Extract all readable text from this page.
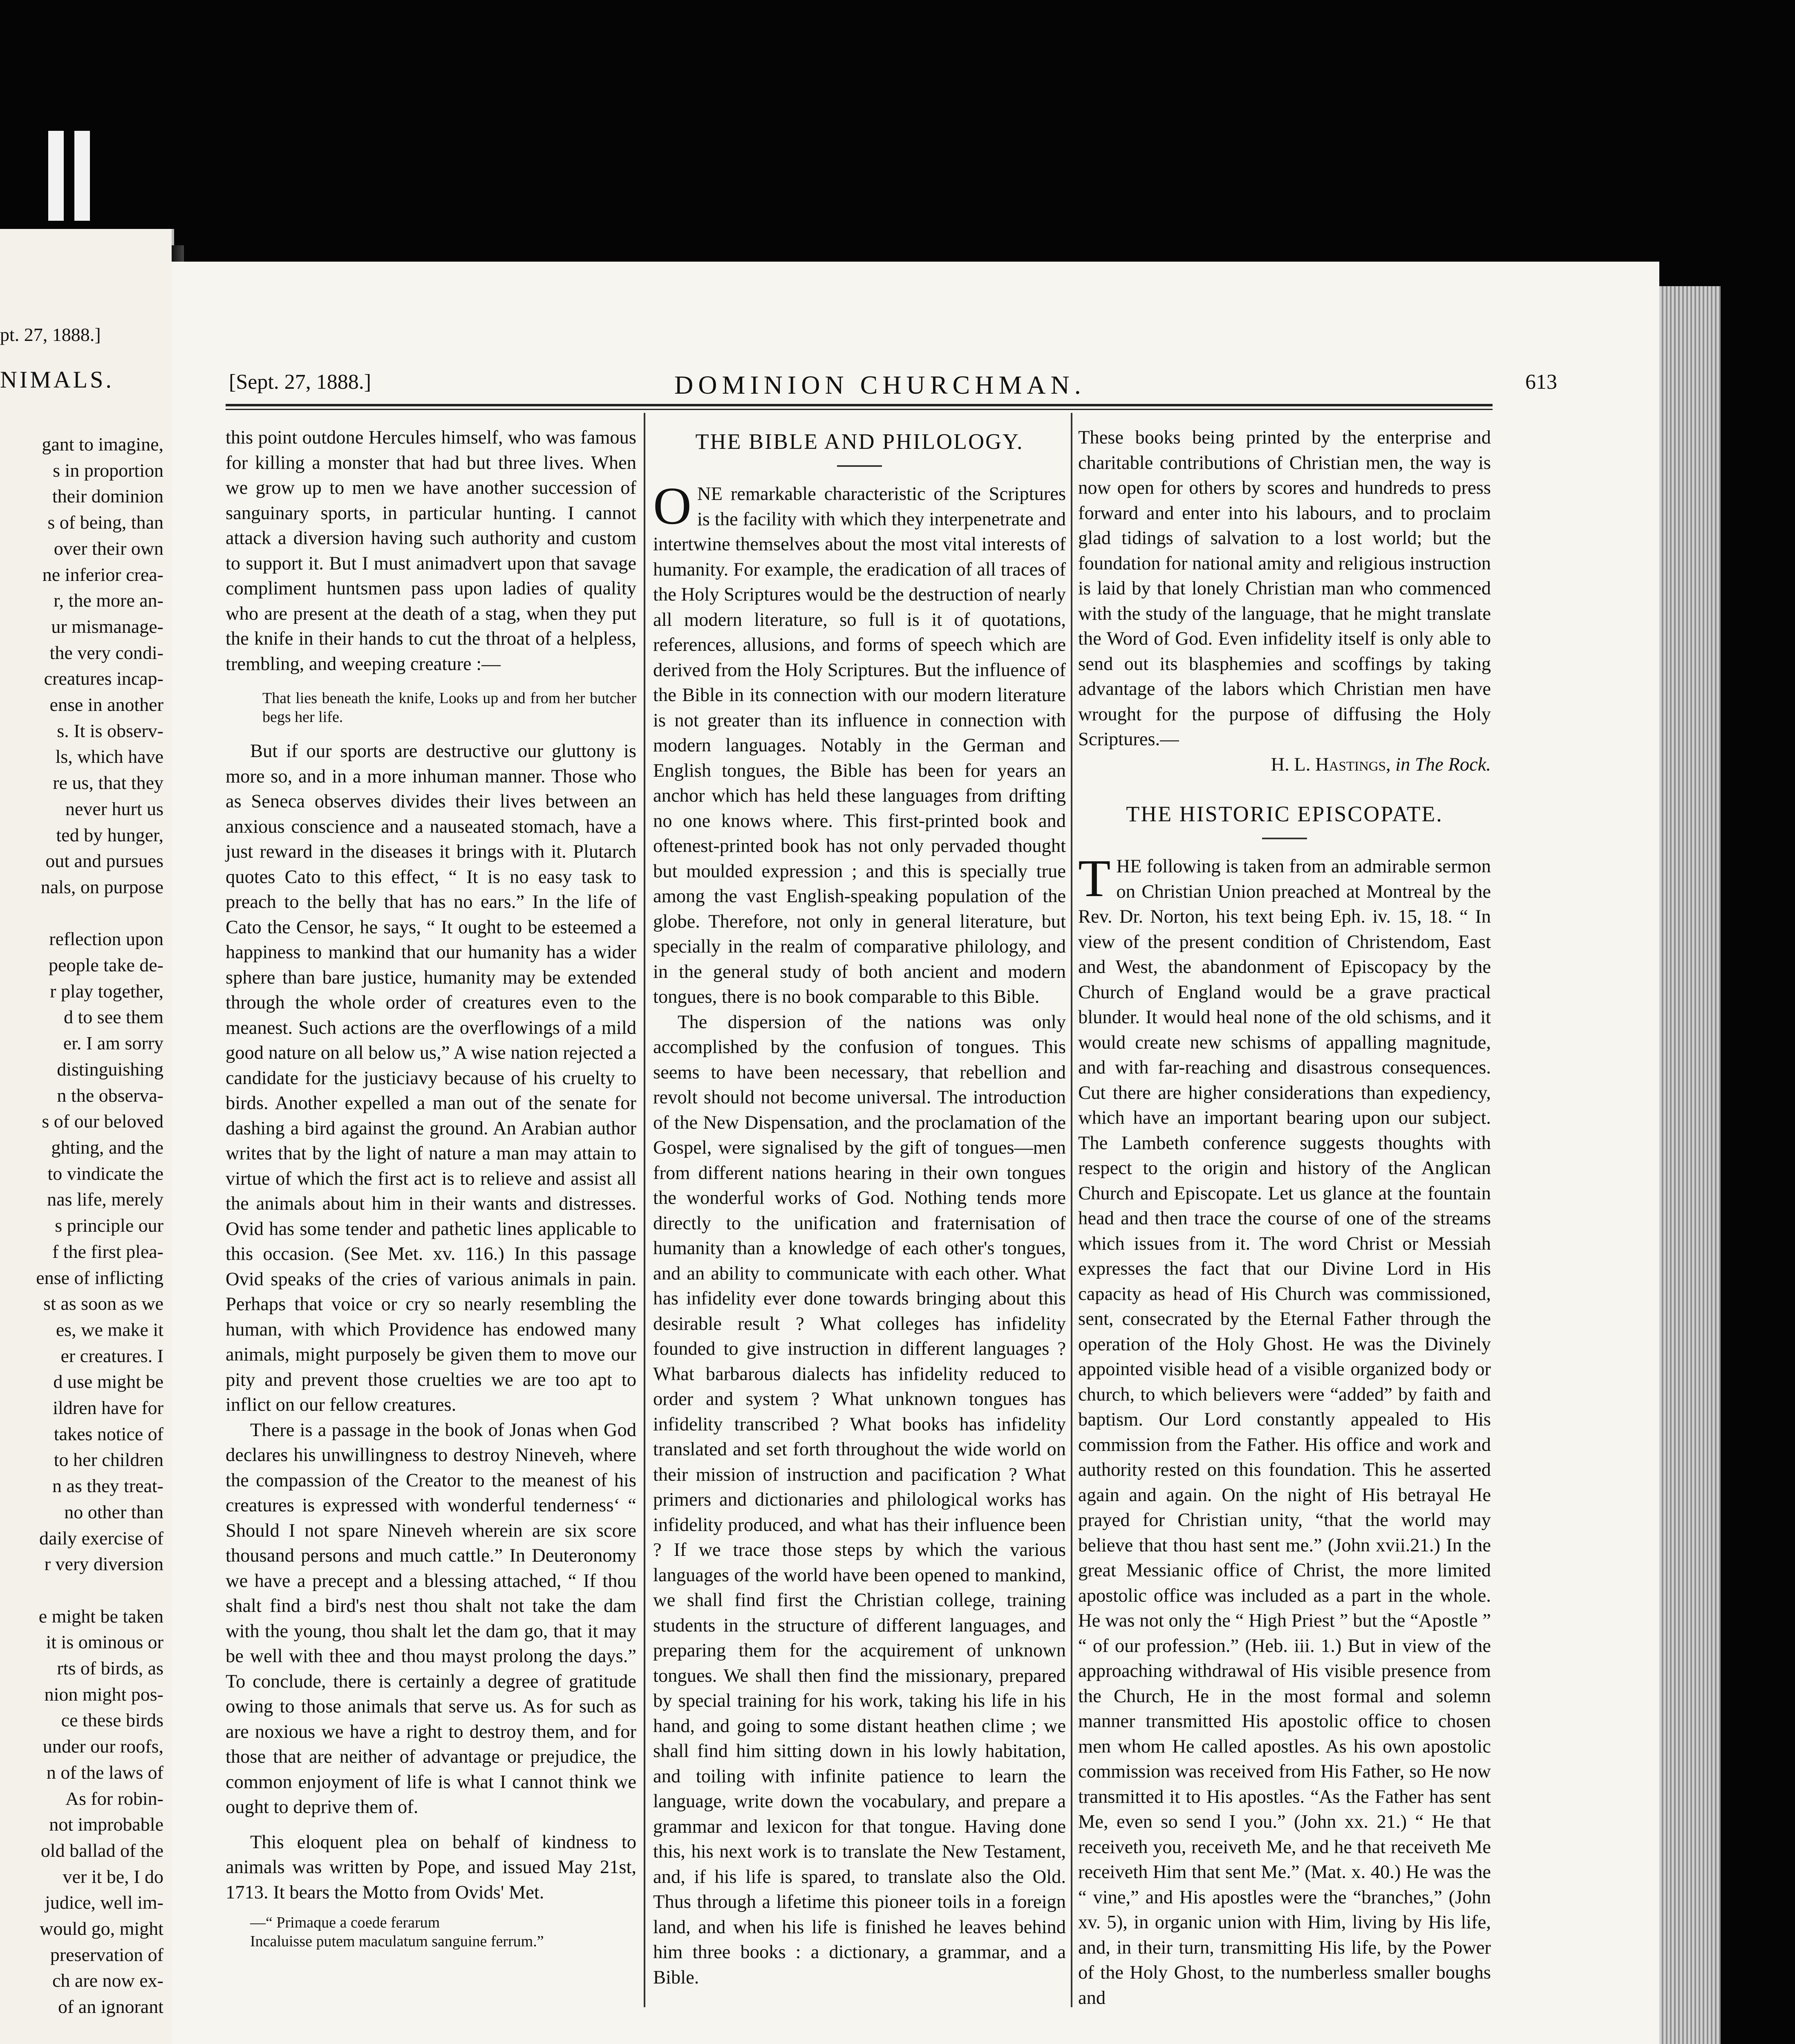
pt. 27, 1888.]
NIMALS.
gant to imagine,
s in proportion
their dominion
s of being, than
over their own
ne inferior crea-
r, the more an-
ur mismanage-
the very condi-
creatures incap-
ense in another
s. It is observ-
ls, which have
re us, that they
never hurt us
ted by hunger,
out and pursues
nals, on purpose

reflection upon
people take de-
r play together,
d to see them
er. I am sorry
distinguishing
n the observa-
s of our beloved
ghting, and the
to vindicate the
nas life, merely
s principle our
f the first plea-
ense of inflicting
st as soon as we
es, we make it
er creatures. I
d use might be
ildren have for
takes notice of
to her children
n as they treat-
no other than
daily exercise of
r very diversion

e might be taken
it is ominous or
rts of birds, as
nion might pos-
ce these birds
under our roofs,
n of the laws of
As for robin-
not improbable
old ballad of the
ver it be, I do
judice, well im-
would go, might
preservation of
ch are now ex-
of an ignorant

[Sept. 27, 1888.]	DOMINION CHURCHMAN.	613

this point outdone Hercules himself, who was famous for killing a monster that had but three lives. When we grow up to men we have another succession of sanguinary sports, in particular hunting. I cannot attack a diversion having such authority and custom to support it. But I must animadvert upon that savage compliment huntsmen pass upon ladies of quality who are present at the death of a stag, when they put the knife in their hands to cut the throat of a helpless, trembling, and weeping creature :—

That lies beneath the knife, Looks up and from her butcher begs her life.

But if our sports are destructive our gluttony is more so, and in a more inhuman manner. Those who as Seneca observes divides their lives between an anxious conscience and a nauseated stomach, have a just reward in the diseases it brings with it. Plutarch quotes Cato to this effect, “ It is no easy task to preach to the belly that has no ears.” In the life of Cato the Censor, he says, “ It ought to be esteemed a happiness to mankind that our humanity has a wider sphere than bare justice, humanity may be extended through the whole order of creatures even to the meanest. Such actions are the overflowings of a mild good nature on all below us,” A wise nation rejected a candidate for the justiciavy because of his cruelty to birds. Another expelled a man out of the senate for dashing a bird against the ground. An Arabian author writes that by the light of nature a man may attain to virtue of which the first act is to relieve and assist all the animals about him in their wants and distresses. Ovid has some tender and pathetic lines applicable to this occasion. (See Met. xv. 116.) In this passage Ovid speaks of the cries of various animals in pain. Perhaps that voice or cry so nearly resembling the human, with which Providence has endowed many animals, might purposely be given them to move our pity and prevent those cruelties we are too apt to inflict on our fellow creatures.

There is a passage in the book of Jonas when God declares his unwillingness to destroy Nineveh, where the compassion of the Creator to the meanest of his creatures is expressed with wonderful tenderness‘ “ Should I not spare Nineveh wherein are six score thousand persons and much cattle.” In Deuteronomy we have a precept and a blessing attached, “ If thou shalt find a bird's nest thou shalt not take the dam with the young, thou shalt let the dam go, that it may be well with thee and thou mayst prolong the days.” To conclude, there is certainly a degree of gratitude owing to those animals that serve us. As for such as are noxious we have a right to destroy them, and for those that are neither of advantage or prejudice, the common enjoyment of life is what I cannot think we ought to deprive them of.

This eloquent plea on behalf of kindness to animals was written by Pope, and issued May 21st, 1713. It bears the Motto from Ovids' Met.

—“ Primaque a coede ferarum

Incaluisse putem maculatum sanguine ferrum.”

THE BIBLE AND PHILOLOGY.

ONE remarkable characteristic of the Scriptures is the facility with which they interpenetrate and intertwine themselves about the most vital interests of humanity. For example, the eradication of all traces of the Holy Scriptures would be the destruction of nearly all modern literature, so full is it of quotations, references, allusions, and forms of speech which are derived from the Holy Scriptures. But the influence of the Bible in its connection with our modern literature is not greater than its influence in connection with modern languages. Notably in the German and English tongues, the Bible has been for years an anchor which has held these languages from drifting no one knows where. This first-printed book and oftenest-printed book has not only pervaded thought but moulded expression ; and this is specially true among the vast English-speaking population of the globe. Therefore, not only in general literature, but specially in the realm of comparative philology, and in the general study of both ancient and modern tongues, there is no book comparable to this Bible.

The dispersion of the nations was only accomplished by the confusion of tongues. This seems to have been necessary, that rebellion and revolt should not become universal. The introduction of the New Dispensation, and the proclamation of the Gospel, were signalised by the gift of tongues—men from different nations hearing in their own tongues the wonderful works of God. Nothing tends more directly to the unification and fraternisation of humanity than a knowledge of each other's tongues, and an ability to communicate with each other. What has infidelity ever done towards bringing about this desirable result ? What colleges has infidelity founded to give instruction in different languages ? What barbarous dialects has infidelity reduced to order and system ? What unknown tongues has infidelity transcribed ? What books has infidelity translated and set forth throughout the wide world on their mission of instruction and pacification ? What primers and dictionaries and philological works has infidelity produced, and what has their influence been ? If we trace those steps by which the various languages of the world have been opened to mankind, we shall find first the Christian college, training students in the structure of different languages, and preparing them for the acquirement of unknown tongues. We shall then find the missionary, prepared by special training for his work, taking his life in his hand, and going to some distant heathen clime ; we shall find him sitting down in his lowly habitation, and toiling with infinite patience to learn the language, write down the vocabulary, and prepare a grammar and lexicon for that tongue. Having done this, his next work is to translate the New Testament, and, if his life is spared, to translate also the Old. Thus through a lifetime this pioneer toils in a foreign land, and when his life is finished he leaves behind him three books : a dictionary, a grammar, and a Bible.

These books being printed by the enterprise and charitable contributions of Christian men, the way is now open for others by scores and hundreds to press forward and enter into his labours, and to proclaim glad tidings of salvation to a lost world; but the foundation for national amity and religious instruction is laid by that lonely Christian man who commenced with the study of the language, that he might translate the Word of God. Even infidelity itself is only able to send out its blasphemies and scoffings by taking advantage of the labors which Christian men have wrought for the purpose of diffusing the Holy Scriptures.—

H. L. Hastings, in The Rock.

THE HISTORIC EPISCOPATE.

THE following is taken from an admirable sermon on Christian Union preached at Montreal by the Rev. Dr. Norton, his text being Eph. iv. 15, 18. “ In view of the present condition of Christendom, East and West, the abandonment of Episcopacy by the Church of England would be a grave practical blunder. It would heal none of the old schisms, and it would create new schisms of appalling magnitude, and with far-reaching and disastrous consequences. Cut there are higher considerations than expediency, which have an important bearing upon our subject. The Lambeth conference suggests thoughts with respect to the origin and history of the Anglican Church and Episcopate. Let us glance at the fountain head and then trace the course of one of the streams which issues from it. The word Christ or Messiah expresses the fact that our Divine Lord in His capacity as head of His Church was commissioned, sent, consecrated by the Eternal Father through the operation of the Holy Ghost. He was the Divinely appointed visible head of a visible organized body or church, to which believers were “added” by faith and baptism. Our Lord constantly appealed to His commission from the Father. His office and work and authority rested on this foundation. This he asserted again and again. On the night of His betrayal He prayed for Christian unity, “that the world may believe that thou hast sent me.” (John xvii.21.) In the great Messianic office of Christ, the more limited apostolic office was included as a part in the whole. He was not only the “ High Priest ” but the “Apostle ” “ of our profession.” (Heb. iii. 1.) But in view of the approaching withdrawal of His visible presence from the Church, He in the most formal and solemn manner transmitted His apostolic office to chosen men whom He called apostles. As his own apostolic commission was received from His Father, so He now transmitted it to His apostles. “As the Father has sent Me, even so send I you.” (John xx. 21.) “ He that receiveth you, receiveth Me, and he that receiveth Me receiveth Him that sent Me.” (Mat. x. 40.) He was the “ vine,” and His apostles were the “branches,” (John xv. 5), in organic union with Him, living by His life, and, in their turn, transmitting His life, by the Power of the Holy Ghost, to the numberless smaller boughs and
